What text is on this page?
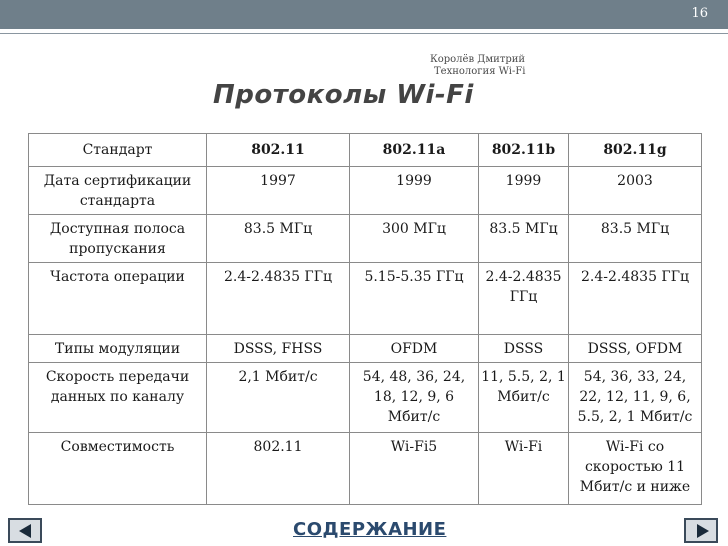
16
Королёв Дмитрий
Технология Wi-Fi
Протоколы Wi-Fi
Стандарт	802.11	802.11a	802.11b	802.11g
Дата сертификации стандарта	1997	1999	1999	2003
Доступная полоса пропускания	83.5 МГц	300 МГц	83.5 МГц	83.5 МГц
Частота операции	2.4-2.4835 ГГц	5.15-5.35 ГГц	2.4-2.4835 ГГц	2.4-2.4835 ГГц
Типы модуляции	DSSS, FHSS	OFDM	DSSS	DSSS, OFDM
Скорость передачи данных по каналу	2,1 Мбит/с	54, 48, 36, 24, 18, 12, 9, 6 Мбит/с	11, 5.5, 2, 1 Мбит/с	54, 36, 33, 24, 22, 12, 11, 9, 6, 5.5, 2, 1 Мбит/с
Совместимость	802.11	Wi-Fi5	Wi-Fi	Wi-Fi со скоростью 11 Мбит/с и ниже
СОДЕРЖАНИЕ
